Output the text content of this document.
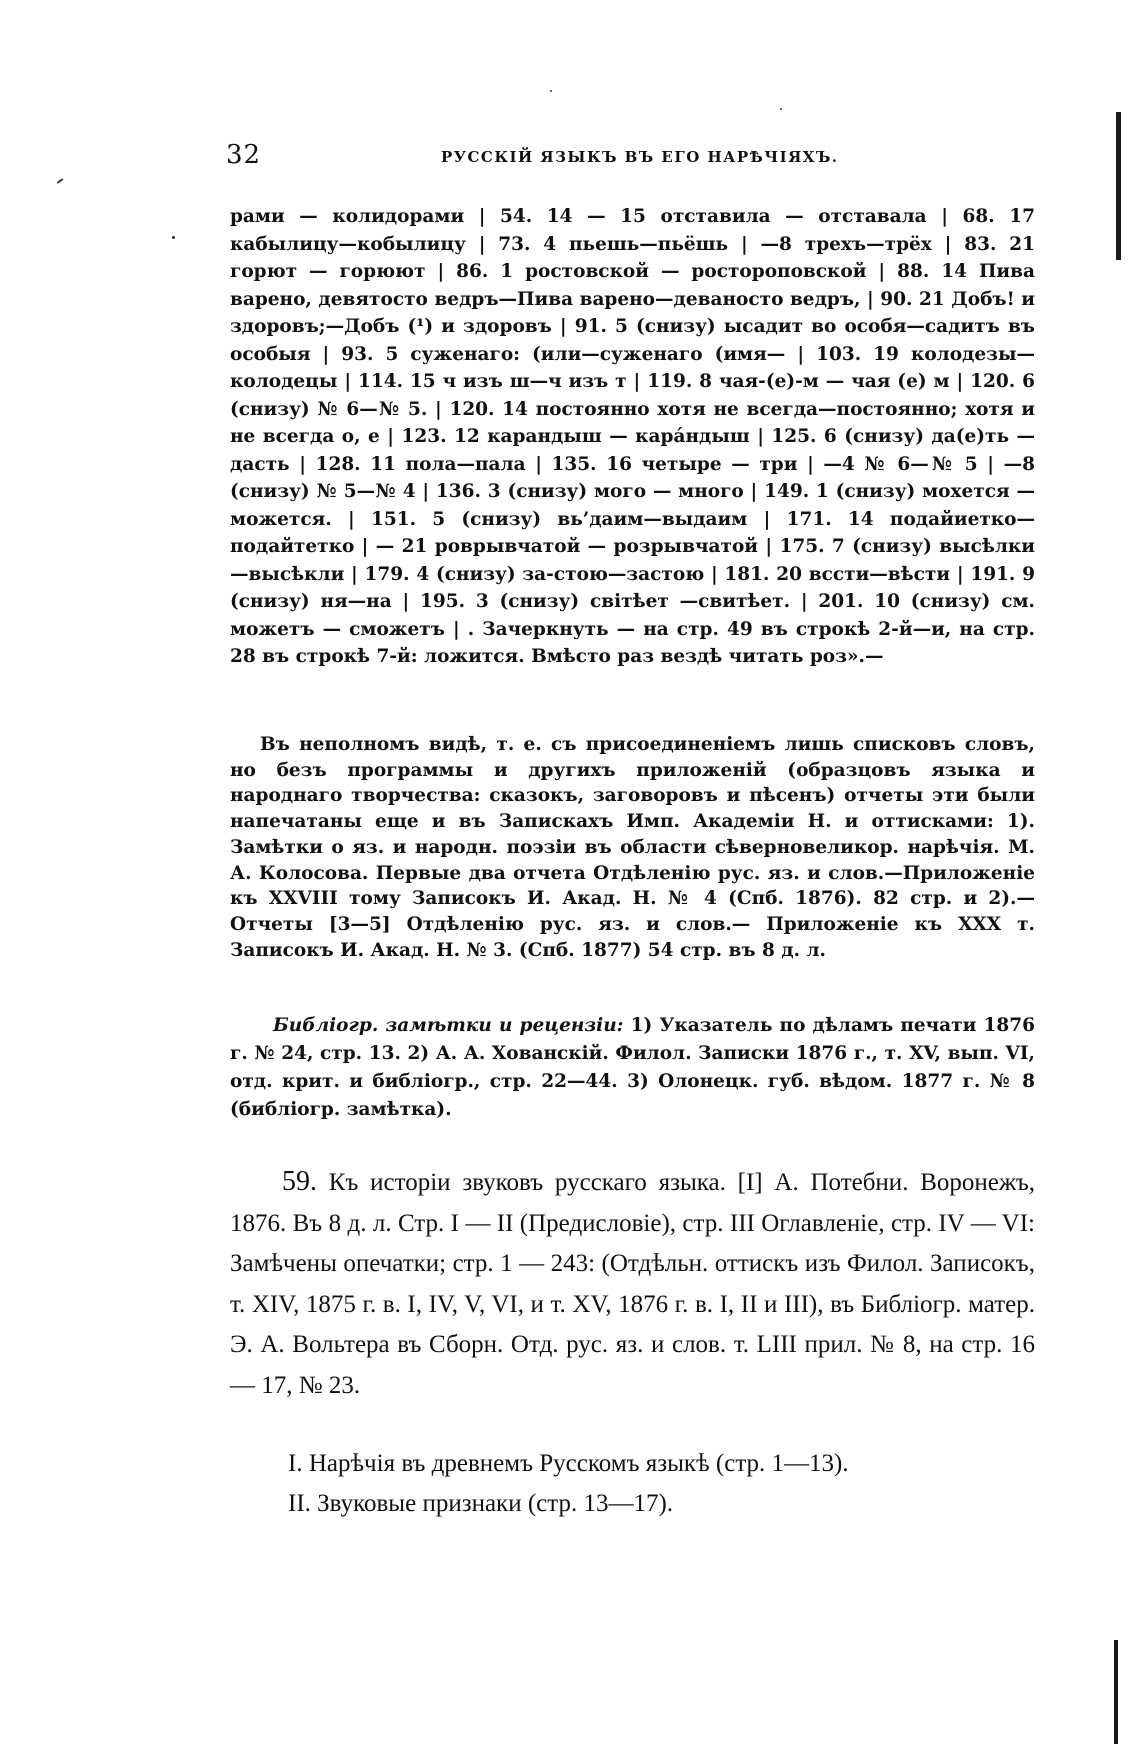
32	РУССКІЙ ЯЗЫКЪ ВЪ ЕГО НАРѢЧІЯХЪ.

рами — колидорами | 54. 14 — 15 отставила — отставала | 68. 17 кабылицу—кобылицу | 73. 4 пьешь—пьёшь | —8 трехъ—трёх | 83. 21 горют — горюют | 86. 1 ростовской — росторопoвской | 88. 14 Пива варено, девятосто ведръ—Пива варено—деваносто ведръ, | 90. 21 Добъ! и здоровъ;—Добъ (¹) и здоровъ | 91. 5 (снизу) ысадит во особя—садитъ въ особыя | 93. 5 суженаго: (или—суженаго (имя— | 103. 19 колодезы—колодецы | 114. 15 ч изъ ш—ч изъ т | 119. 8 чая-(е)-м — чая (е) м | 120. 6 (снизу) № 6—№ 5. | 120. 14 постоянно хотя не всегда—постоянно; хотя и не всегда о, е | 123. 12 карандыш — кара́ндыш | 125. 6 (снизу) да(е)ть — дасть | 128. 11 пола—пала | 135. 16 четыре — три | —4 № 6—№ 5 | —8 (снизу) № 5—№ 4 | 136. 3 (снизу) мого — много | 149. 1 (снизу) мохется — можется. | 151. 5 (снизу) вь’даим—выдаим | 171. 14 подайиетко—подайтетко | — 21 роврывчатой — розрывчатой | 175. 7 (снизу) высѣлки—высѣкли | 179. 4 (снизу) за-стою—застою | 181. 20 вссти—вѣсти | 191. 9 (снизу) ня—на | 195. 3 (снизу) свiтѣет —свитѣет. | 201. 10 (снизу) см. можетъ — сможетъ | . Зачеркнуть — на стр. 49 въ строкѣ 2-й—и, на стр. 28 въ строкѣ 7-й: ложится. Вмѣсто раз вездѣ читать роз».—

Въ неполномъ видѣ, т. е. съ присоединеніемъ лишь списковъ словъ, но безъ программы и другихъ приложеній (образцовъ языка и народнаго творчества: сказокъ, заговоровъ и пѣсенъ) отчеты эти были напечатаны еще и въ Запискахъ Имп. Академіи Н. и оттисками: 1). Замѣтки о яз. и народн. поэзіи въ области сѣверновеликор. нарѣчія. М. А. Колосова. Первые два отчета Отдѣленію рус. яз. и слов.—Приложеніе къ XXVIII тому Записокъ И. Акад. Н. № 4 (Спб. 1876). 82 стр. и 2).— Отчеты [3—5] Отдѣленію рус. яз. и слов.— Приложеніе къ XXX т. Записокъ И. Акад. Н. № 3. (Спб. 1877) 54 стр. въ 8 д. л.

Библіогр. замѣтки и рецензіи: 1) Указатель по дѣламъ печати 1876 г. № 24, стр. 13. 2) А. А. Хованскій. Филол. Записки 1876 г., т. XV, вып. VI, отд. крит. и библіогр., стр. 22—44. 3) Олонецк. губ. вѣдом. 1877 г. № 8 (библіогр. замѣтка).

59. Къ исторіи звуковъ русскаго языка. [I] А. Потебни. Воронежъ, 1876. Въ 8 д. л. Стр. I — II (Предисловіе), стр. III Оглавленіе, стр. IV — VI: Замѣчены опечатки; стр. 1 — 243: (Отдѣльн. оттискъ изъ Филол. Записокъ, т. XIV, 1875 г. в. I, IV, V, VI, и т. XV, 1876 г. в. I, II и III), въ Библіогр. матер. Э. А. Вольтера въ Сборн. Отд. рус. яз. и слов. т. LIII прил. № 8, на стр. 16 — 17, № 23.

I. Нарѣчія въ древнемъ Русскомъ языкѣ (стр. 1—13).
II. Звуковые признаки (стр. 13—17).
